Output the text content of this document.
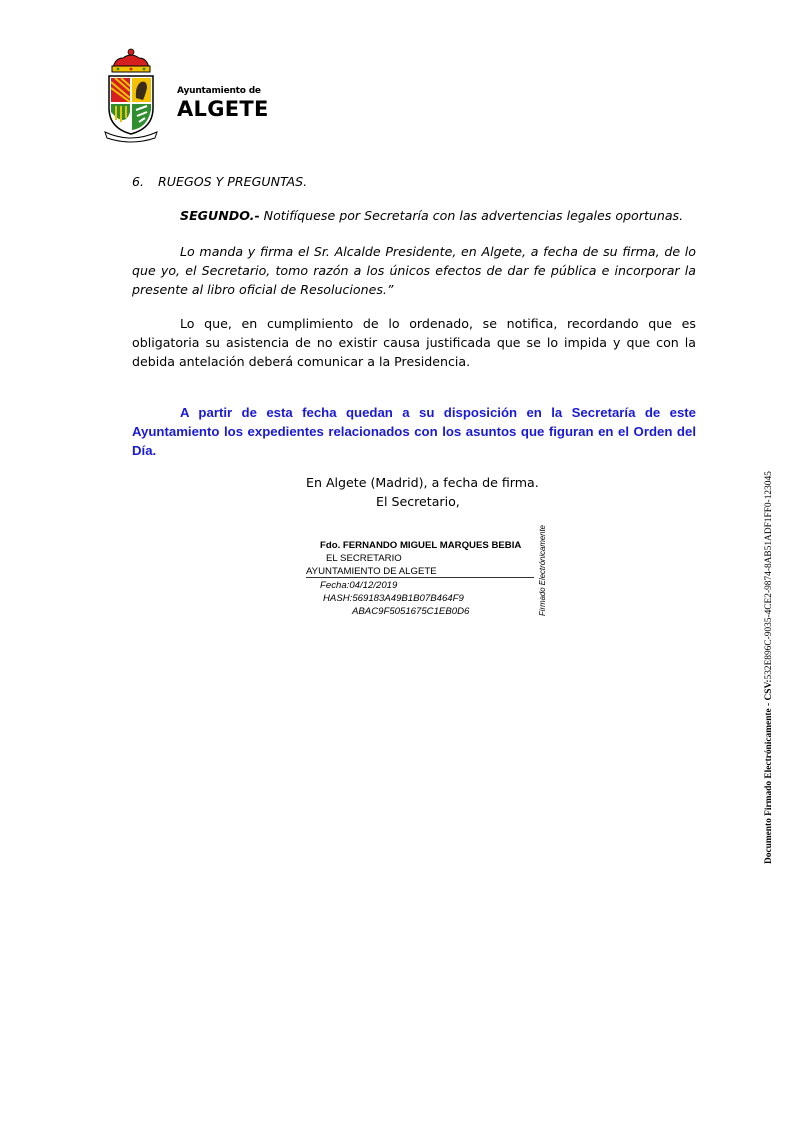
Ayuntamiento de
ALGETE
6. RUEGOS Y PREGUNTAS.
SEGUNDO.- Notifíquese por Secretaría con las advertencias legales oportunas.
Lo manda y firma el Sr. Alcalde Presidente, en Algete, a fecha de su firma, de lo que yo, el Secretario, tomo razón a los únicos efectos de dar fe pública e incorporar la presente al libro oficial de Resoluciones.”
Lo que, en cumplimiento de lo ordenado, se notifica, recordando que es obligatoria su asistencia de no existir causa justificada que se lo impida y que con la debida antelación deberá comunicar a la Presidencia.
A partir de esta fecha quedan a su disposición en la Secretaría de este Ayuntamiento los expedientes relacionados con los asuntos que figuran en el Orden del Día.
En Algete (Madrid), a fecha de firma.
El Secretario,
Fdo. FERNANDO MIGUEL MARQUES BEBIA
EL SECRETARIO
AYUNTAMIENTO DE ALGETE
Fecha:04/12/2019
HASH:569183A49B1B07B464F9
ABAC9F5051675C1EB0D6	Firmado Electrónicamente
Documento Firmado Electrónicamente - CSV:532E896C-9035-4CE2-9874-8AB51ADF1FF0-123045
